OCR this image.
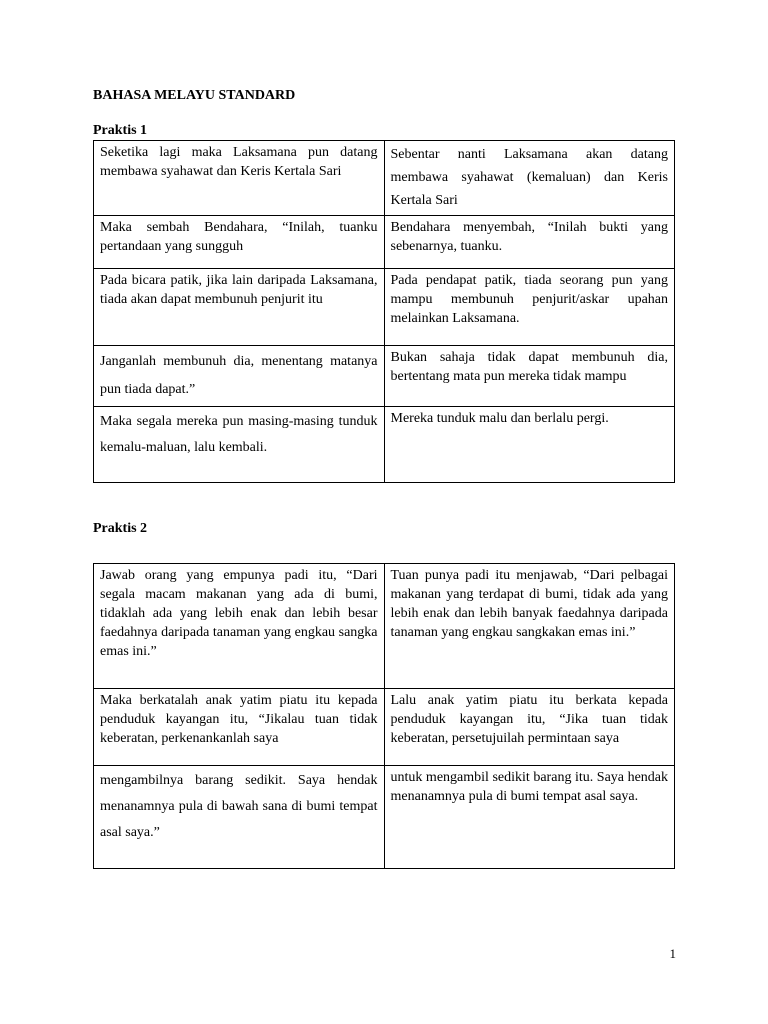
BAHASA MELAYU STANDARD
Praktis 1
Seketika lagi maka Laksamana pun datang membawa syahawat dan Keris Kertala Sari	Sebentar nanti Laksamana akan datang membawa syahawat (kemaluan) dan Keris Kertala Sari
Maka sembah Bendahara, “Inilah, tuanku pertandaan yang sungguh	Bendahara menyembah, “Inilah bukti yang sebenarnya, tuanku.
Pada bicara patik, jika lain daripada Laksamana, tiada akan dapat membunuh penjurit itu	Pada pendapat patik, tiada seorang pun yang mampu membunuh penjurit/askar upahan melainkan Laksamana.
Janganlah membunuh dia, menentang matanya pun tiada dapat.”	Bukan sahaja tidak dapat membunuh dia, bertentang mata pun mereka tidak mampu
Maka segala mereka pun masing-masing tunduk kemalu-maluan, lalu kembali.	Mereka tunduk malu dan berlalu pergi.
Praktis 2
Jawab orang yang empunya padi itu, “Dari segala macam makanan yang ada di bumi, tidaklah ada yang lebih enak dan lebih besar faedahnya daripada tanaman yang engkau sangka emas ini.”	Tuan punya padi itu menjawab, “Dari pelbagai makanan yang terdapat di bumi, tidak ada yang lebih enak dan lebih banyak faedahnya daripada tanaman yang engkau sangkakan emas ini.”
Maka berkatalah anak yatim piatu itu kepada penduduk kayangan itu, “Jikalau tuan tidak keberatan, perkenankanlah saya	Lalu anak yatim piatu itu berkata kepada penduduk kayangan itu, “Jika tuan tidak keberatan, persetujuilah permintaan saya
mengambilnya barang sedikit. Saya hendak menanamnya pula di bawah sana di bumi tempat asal saya.”	untuk mengambil sedikit barang itu. Saya hendak menanamnya pula di bumi tempat asal saya.
1
